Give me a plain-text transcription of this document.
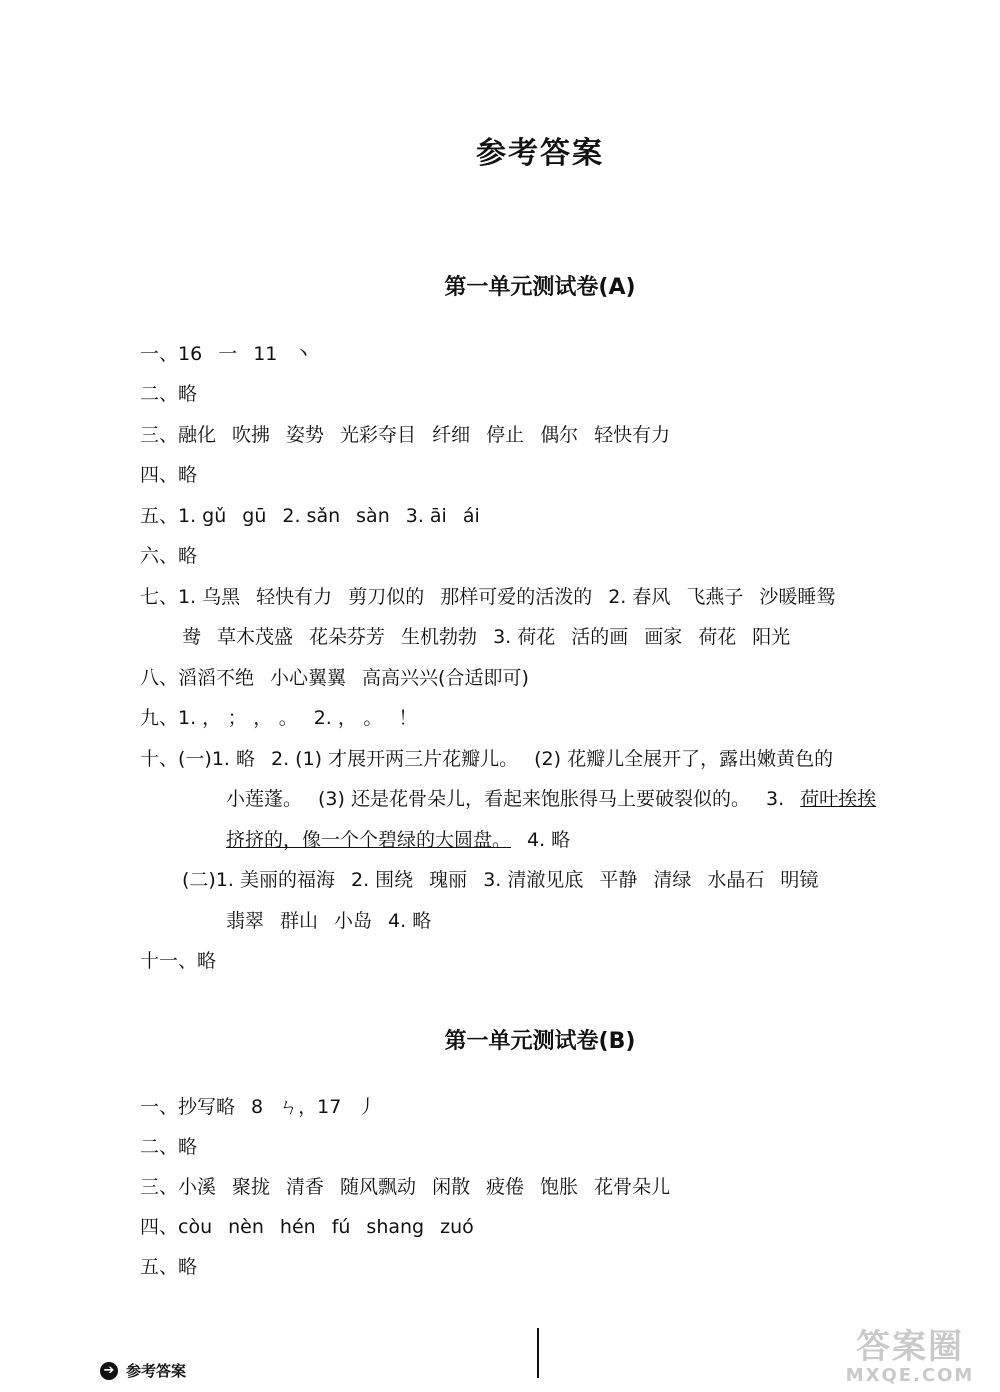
参考答案
第一单元测试卷(A)
一、16 一 11 丶
二、略
三、融化 吹拂 姿势 光彩夺目 纤细 停止 偶尔 轻快有力
四、略
五、1. gǔ gū 2. sǎn sàn 3. āi ái
六、略
七、1. 乌黑 轻快有力 剪刀似的 那样可爱的活泼的 2. 春风 飞燕子 沙暖睡鸳
鸯 草木茂盛 花朵芬芳 生机勃勃 3. 荷花 活的画 画家 荷花 阳光
八、滔滔不绝 小心翼翼 高高兴兴(合适即可)
九、1. ， ； ， 。 2. ， 。 ！
十、(一)1. 略 2. (1) 才展开两三片花瓣儿。 (2) 花瓣儿全展开了，露出嫩黄色的
小莲蓬。 (3) 还是花骨朵儿，看起来饱胀得马上要破裂似的。 3. 荷叶挨挨
挤挤的，像一个个碧绿的大圆盘。 4. 略
(二)1. 美丽的福海 2. 围绕 瑰丽 3. 清澈见底 平静 清绿 水晶石 明镜
翡翠 群山 小岛 4. 略
十一、略
第一单元测试卷(B)
一、抄写略 8 ㄣ，17 丿
二、略
三、小溪 聚拢 清香 随风飘动 闲散 疲倦 饱胀 花骨朵儿
四、còu nèn hén fú shang zuó
五、略
➔ 参考答案
答案圈
MXQE.COM
